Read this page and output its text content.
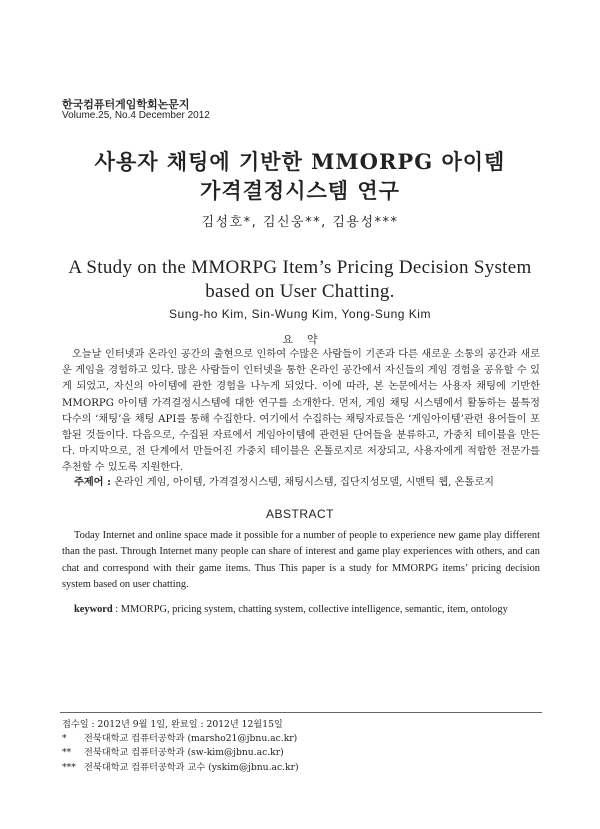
한국컴퓨터게임학회논문지
Volume.25, No.4 December 2012
사용자 채팅에 기반한 MMORPG 아이템
가격결정시스템 연구
김성호*, 김신웅**, 김용성***
A Study on the MMORPG Item’s Pricing Decision System
based on User Chatting.
Sung-ho Kim, Sin-Wung Kim, Yong-Sung Kim
요약

오늘날 인터넷과 온라인 공간의 출현으로 인하여 수많은 사람들이 기존과 다른 새로운 소통의 공간과 새로운 게임을 경험하고 있다. 많은 사람들이 인터넷을 통한 온라인 공간에서 자신들의 게임 경험을 공유할 수 있게 되었고, 자신의 아이템에 관한 경험을 나누게 되었다. 이에 따라, 본 논문에서는 사용자 채팅에 기반한 MMORPG 아이템 가격결정시스템에 대한 연구를 소개한다. 먼저, 게임 채팅 시스템에서 활동하는 불특정 다수의 ‘채팅’을 채팅 API를 통해 수집한다. 여기에서 수집하는 채팅자료들은 ‘게임아이템’관련 용어들이 포함된 것들이다. 다음으로, 수집된 자료에서 게임아이템에 관련된 단어들을 분류하고, 가중치 테이블을 만든다. 마지막으로, 전 단계에서 만들어진 가중치 테이블은 온톨로지로 저장되고, 사용자에게 적합한 전문가를 추천할 수 있도록 지원한다.

주제어 : 온라인 게임, 아이템, 가격결정시스템, 채팅시스템, 집단지성모델, 시맨틱 웹, 온톨로지
ABSTRACT

Today Internet and online space made it possible for a number of people to experience new game play different than the past. Through Internet many people can share of interest and game play experiences with others, and can chat and correspond with their game items. Thus This paper is a study for MMORPG items’ pricing decision system based on user chatting.

keyword : MMORPG, pricing system, chatting system, collective intelligence, semantic, item, ontology
접수일 : 2012년 9월 1일, 완료일 : 2012년 12월15일
* 전북대학교 컴퓨터공학과 (marsho21@jbnu.ac.kr)
** 전북대학교 컴퓨터공학과 (sw-kim@jbnu.ac.kr)
*** 전북대학교 컴퓨터공학과 교수 (yskim@jbnu.ac.kr)
